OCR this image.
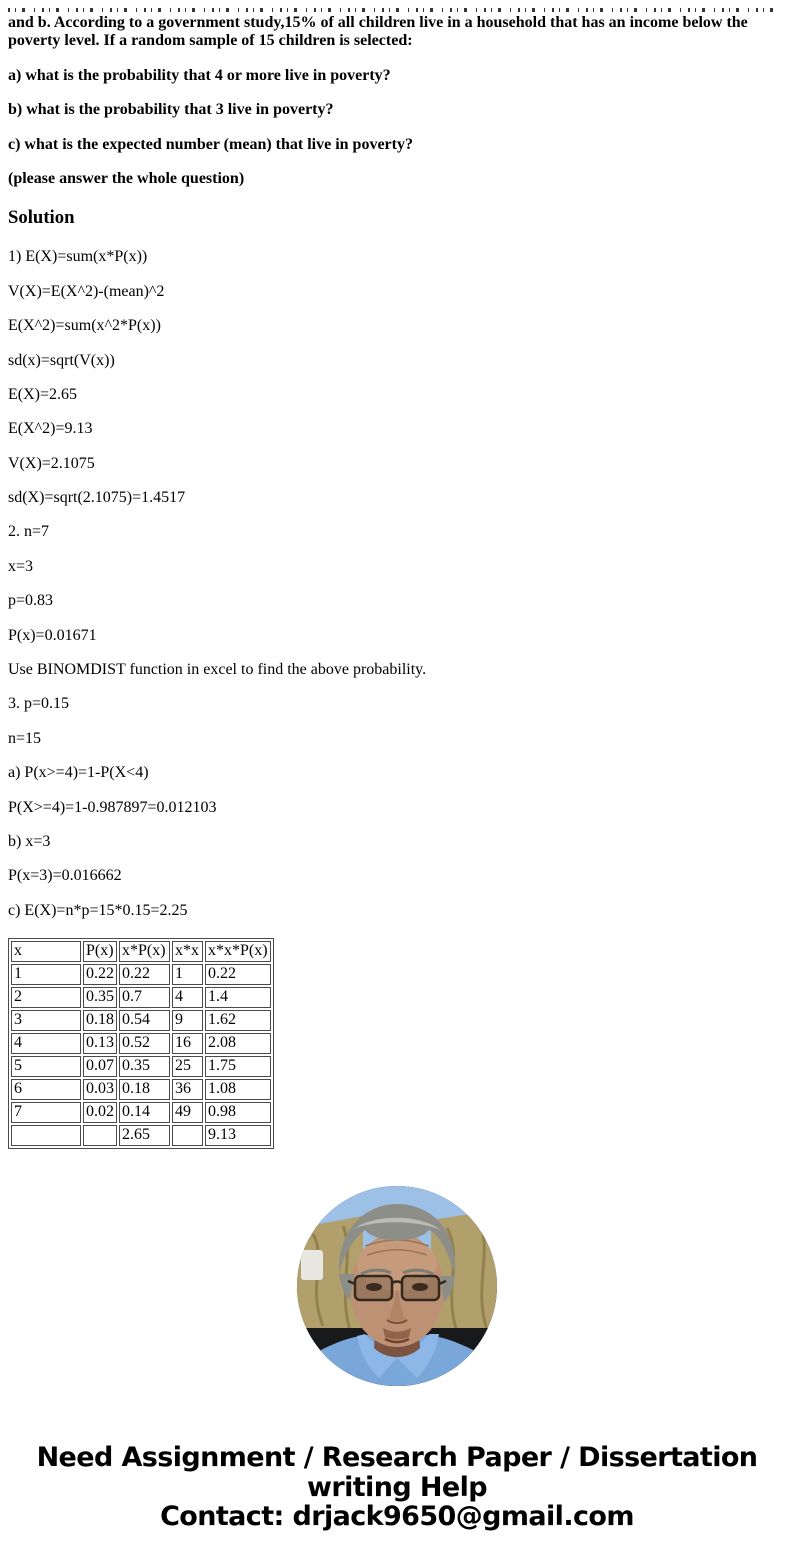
and b. According to a government study,15% of all children live in a household that has an income below the poverty level. If a random sample of 15 children is selected:

a) what is the probability that 4 or more live in poverty?

b) what is the probability that 3 live in poverty?

c) what is the expected number (mean) that live in poverty?

(please answer the whole question)

Solution

1) E(X)=sum(x*P(x))

V(X)=E(X^2)-(mean)^2

E(X^2)=sum(x^2*P(x))

sd(x)=sqrt(V(x))

E(X)=2.65

E(X^2)=9.13

V(X)=2.1075

sd(X)=sqrt(2.1075)=1.4517

2. n=7

x=3

p=0.83

P(x)=0.01671

Use BINOMDIST function in excel to find the above probability.

3. p=0.15

n=15

a) P(x>=4)=1-P(X<4)

P(X>=4)=1-0.987897=0.012103

b) x=3

P(x=3)=0.016662

c) E(X)=n*p=15*0.15=2.25

x	P(x)	x*P(x)	x*x	x*x*P(x)
1	0.22	0.22	1	0.22
2	0.35	0.7	4	1.4
3	0.18	0.54	9	1.62
4	0.13	0.52	16	2.08
5	0.07	0.35	25	1.75
6	0.03	0.18	36	1.08
7	0.02	0.14	49	0.98
		2.65		9.13
Need Assignment / Research Paper / Dissertation
writing Help
Contact: drjack9650@gmail.com
